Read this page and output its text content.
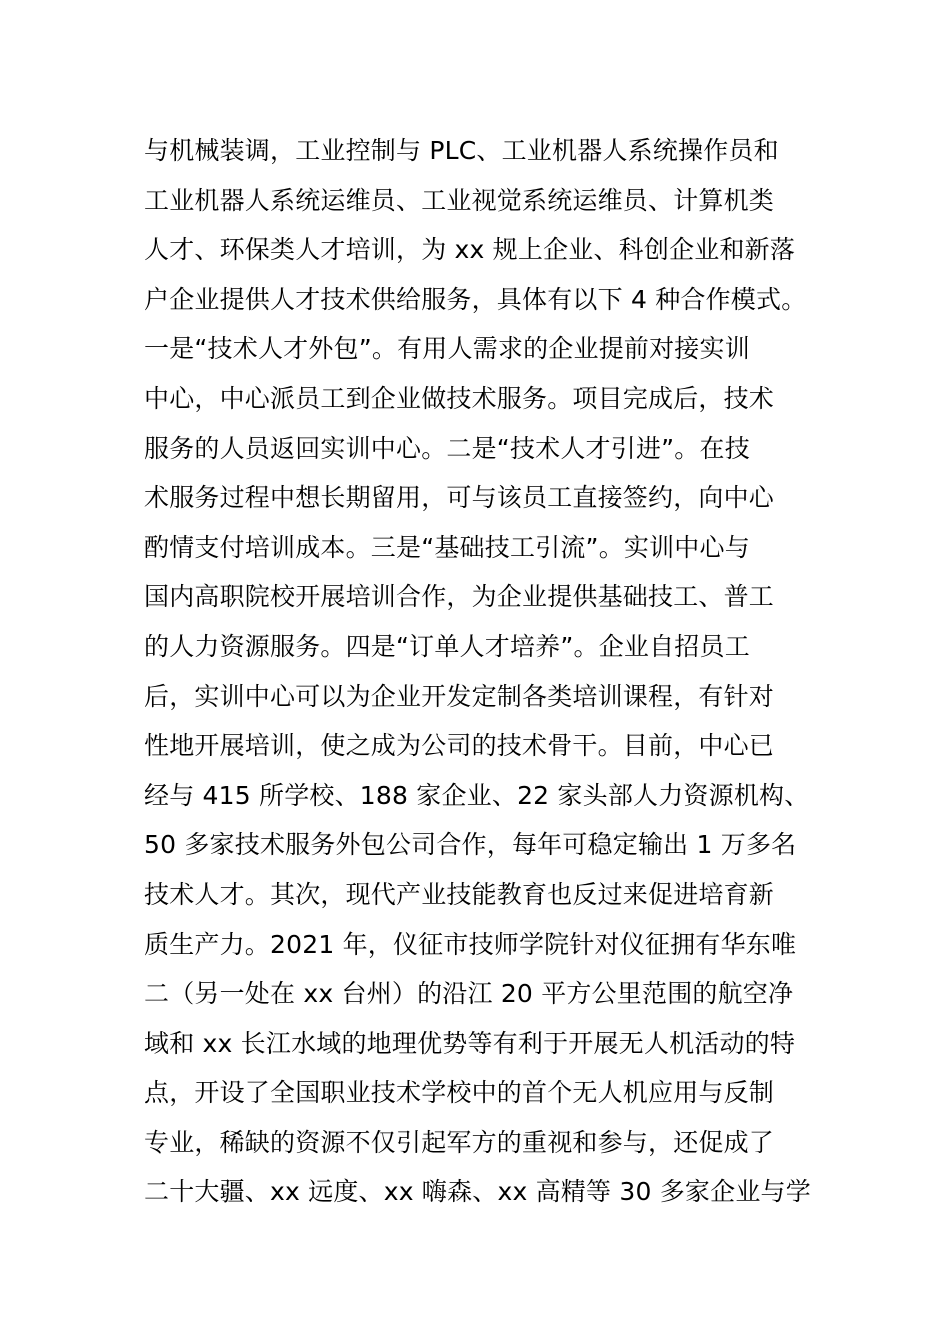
与机械装调，工业控制与 PLC、工业机器人系统操作员和
工业机器人系统运维员、工业视觉系统运维员、计算机类
人才、环保类人才培训，为 xx 规上企业、科创企业和新落
户企业提供人才技术供给服务，具体有以下 4 种合作模式。
一是“技术人才外包”。有用人需求的企业提前对接实训
中心，中心派员工到企业做技术服务。项目完成后，技术
服务的人员返回实训中心。二是“技术人才引进”。在技
术服务过程中想长期留用，可与该员工直接签约，向中心
酌情支付培训成本。三是“基础技工引流”。实训中心与
国内高职院校开展培训合作，为企业提供基础技工、普工
的人力资源服务。四是“订单人才培养”。企业自招员工
后，实训中心可以为企业开发定制各类培训课程，有针对
性地开展培训，使之成为公司的技术骨干。目前，中心已
经与 415 所学校、188 家企业、22 家头部人力资源机构、
50 多家技术服务外包公司合作，每年可稳定输出 1 万多名
技术人才。其次，现代产业技能教育也反过来促进培育新
质生产力。2021 年，仪征市技师学院针对仪征拥有华东唯
二（另一处在 xx 台州）的沿江 20 平方公里范围的航空净
域和 xx 长江水域的地理优势等有利于开展无人机活动的特
点，开设了全国职业技术学校中的首个无人机应用与反制
专业，稀缺的资源不仅引起军方的重视和参与，还促成了
二十大疆、xx 远度、xx 嗨森、xx 高精等 30 多家企业与学
